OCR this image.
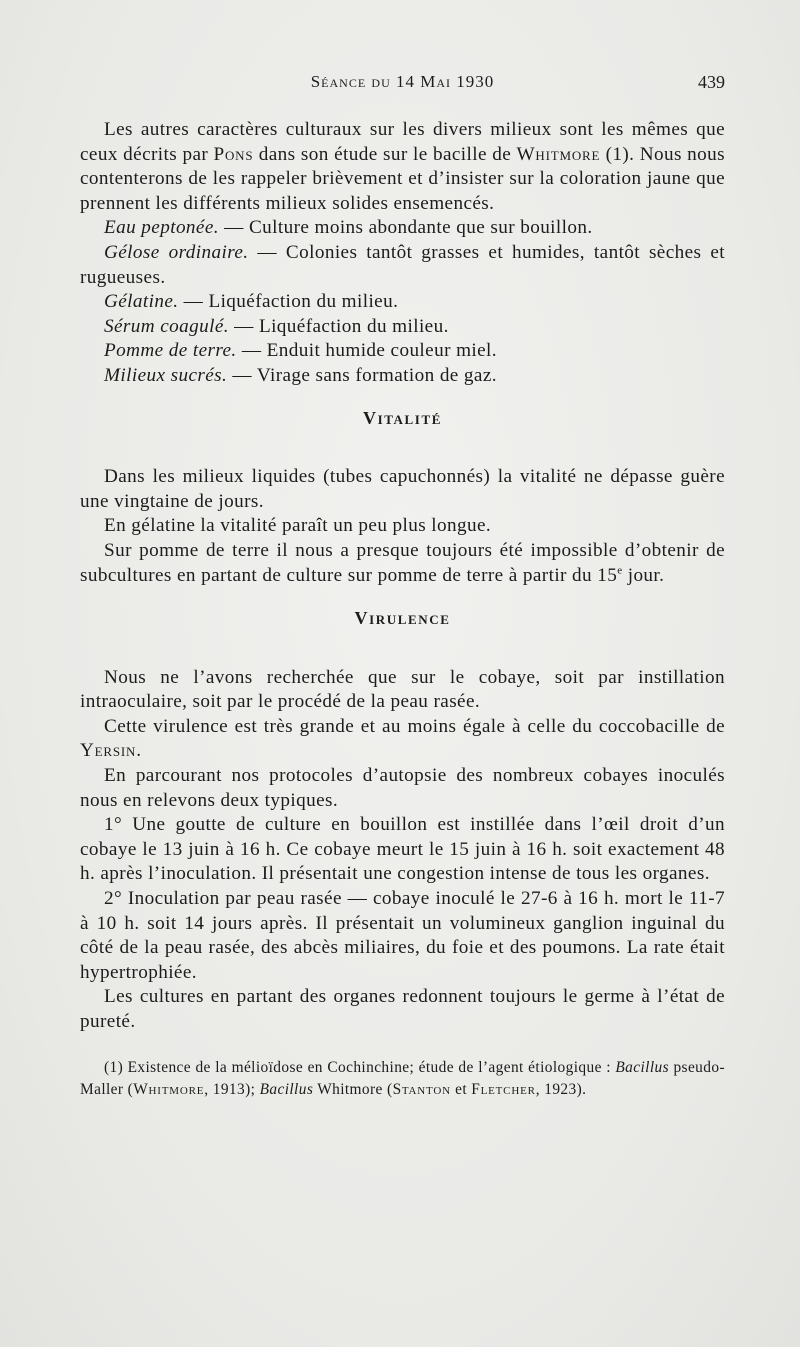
Séance du 14 Mai 1930	439

Les autres caractères culturaux sur les divers milieux sont les mêmes que ceux décrits par Pons dans son étude sur le bacille de Whitmore (1). Nous nous contenterons de les rappeler brièvement et d’insister sur la coloration jaune que prennent les différents milieux solides ensemencés.

Eau peptonée. — Culture moins abondante que sur bouillon.

Gélose ordinaire. — Colonies tantôt grasses et humides, tantôt sèches et rugueuses.

Gélatine. — Liquéfaction du milieu.

Sérum coagulé. — Liquéfaction du milieu.

Pomme de terre. — Enduit humide couleur miel.

Milieux sucrés. — Virage sans formation de gaz.

Vitalité

Dans les milieux liquides (tubes capuchonnés) la vitalité ne dépasse guère une vingtaine de jours.

En gélatine la vitalité paraît un peu plus longue.

Sur pomme de terre il nous a presque toujours été impossible d’obtenir de subcultures en partant de culture sur pomme de terre à partir du 15e jour.

Virulence

Nous ne l’avons recherchée que sur le cobaye, soit par instillation intraoculaire, soit par le procédé de la peau rasée.

Cette virulence est très grande et au moins égale à celle du coccobacille de Yersin.

En parcourant nos protocoles d’autopsie des nombreux cobayes inoculés nous en relevons deux typiques.

1° Une goutte de culture en bouillon est instillée dans l’œil droit d’un cobaye le 13 juin à 16 h. Ce cobaye meurt le 15 juin à 16 h. soit exactement 48 h. après l’inoculation. Il présentait une congestion intense de tous les organes.

2° Inoculation par peau rasée — cobaye inoculé le 27-6 à 16 h. mort le 11-7 à 10 h. soit 14 jours après. Il présentait un volumineux ganglion inguinal du côté de la peau rasée, des abcès miliaires, du foie et des poumons. La rate était hypertrophiée.

Les cultures en partant des organes redonnent toujours le germe à l’état de pureté.

(1) Existence de la mélioïdose en Cochinchine; étude de l’agent étiologique : Bacillus pseudo-Maller (Whitmore, 1913); Bacillus Whitmore (Stanton et Fletcher, 1923).
